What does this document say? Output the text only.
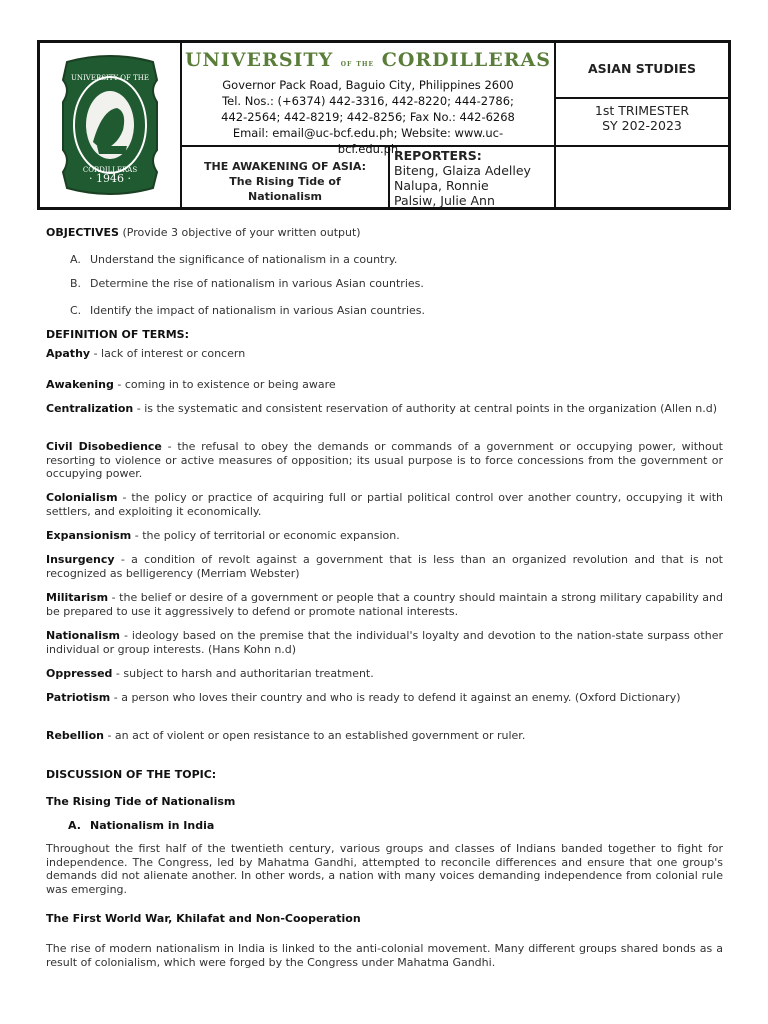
· 1946 ·
UNIVERSITY OF THE
CORDILLERAS
UNIVERSITY of the CORDILLERAS
Governor Pack Road, Baguio City, Philippines 2600
Tel. Nos.: (+6374) 442-3316, 442-8220; 444-2786;
442-2564; 442-8219; 442-8256; Fax No.: 442-6268
Email: email@uc-bcf.edu.ph; Website: www.uc-
bcf.edu.ph
ASIAN STUDIES
1st TRIMESTER
SY 202-2023
THE AWAKENING OF ASIA:
The Rising Tide of
Nationalism
REPORTERS:
Biteng, Glaiza Adelley
Nalupa, Ronnie
Palsiw, Julie Ann
OBJECTIVES (Provide 3 objective of your written output)
A. Understand the significance of nationalism in a country.
B. Determine the rise of nationalism in various Asian countries.
C. Identify the impact of nationalism in various Asian countries.
DEFINITION OF TERMS:
Apathy - lack of interest or concern
Awakening - coming in to existence or being aware
Centralization - is the systematic and consistent reservation of authority at central points in the organization (Allen n.d)
Civil Disobedience - the refusal to obey the demands or commands of a government or occupying power, without resorting to violence or active measures of opposition; its usual purpose is to force concessions from the government or occupying power.
Colonialism - the policy or practice of acquiring full or partial political control over another country, occupying it with settlers, and exploiting it economically.
Expansionism - the policy of territorial or economic expansion.
Insurgency - a condition of revolt against a government that is less than an organized revolution and that is not recognized as belligerency (Merriam Webster)
Militarism - the belief or desire of a government or people that a country should maintain a strong military capability and be prepared to use it aggressively to defend or promote national interests.
Nationalism - ideology based on the premise that the individual's loyalty and devotion to the nation-state surpass other individual or group interests. (Hans Kohn n.d)
Oppressed - subject to harsh and authoritarian treatment.
Patriotism - a person who loves their country and who is ready to defend it against an enemy. (Oxford Dictionary)
Rebellion - an act of violent or open resistance to an established government or ruler.
DISCUSSION OF THE TOPIC:
The Rising Tide of Nationalism
A. Nationalism in India
Throughout the first half of the twentieth century, various groups and classes of Indians banded together to fight for independence. The Congress, led by Mahatma Gandhi, attempted to reconcile differences and ensure that one group's demands did not alienate another. In other words, a nation with many voices demanding independence from colonial rule was emerging.
The First World War, Khilafat and Non-Cooperation
The rise of modern nationalism in India is linked to the anti-colonial movement. Many different groups shared bonds as a result of colonialism, which were forged by the Congress under Mahatma Gandhi.
